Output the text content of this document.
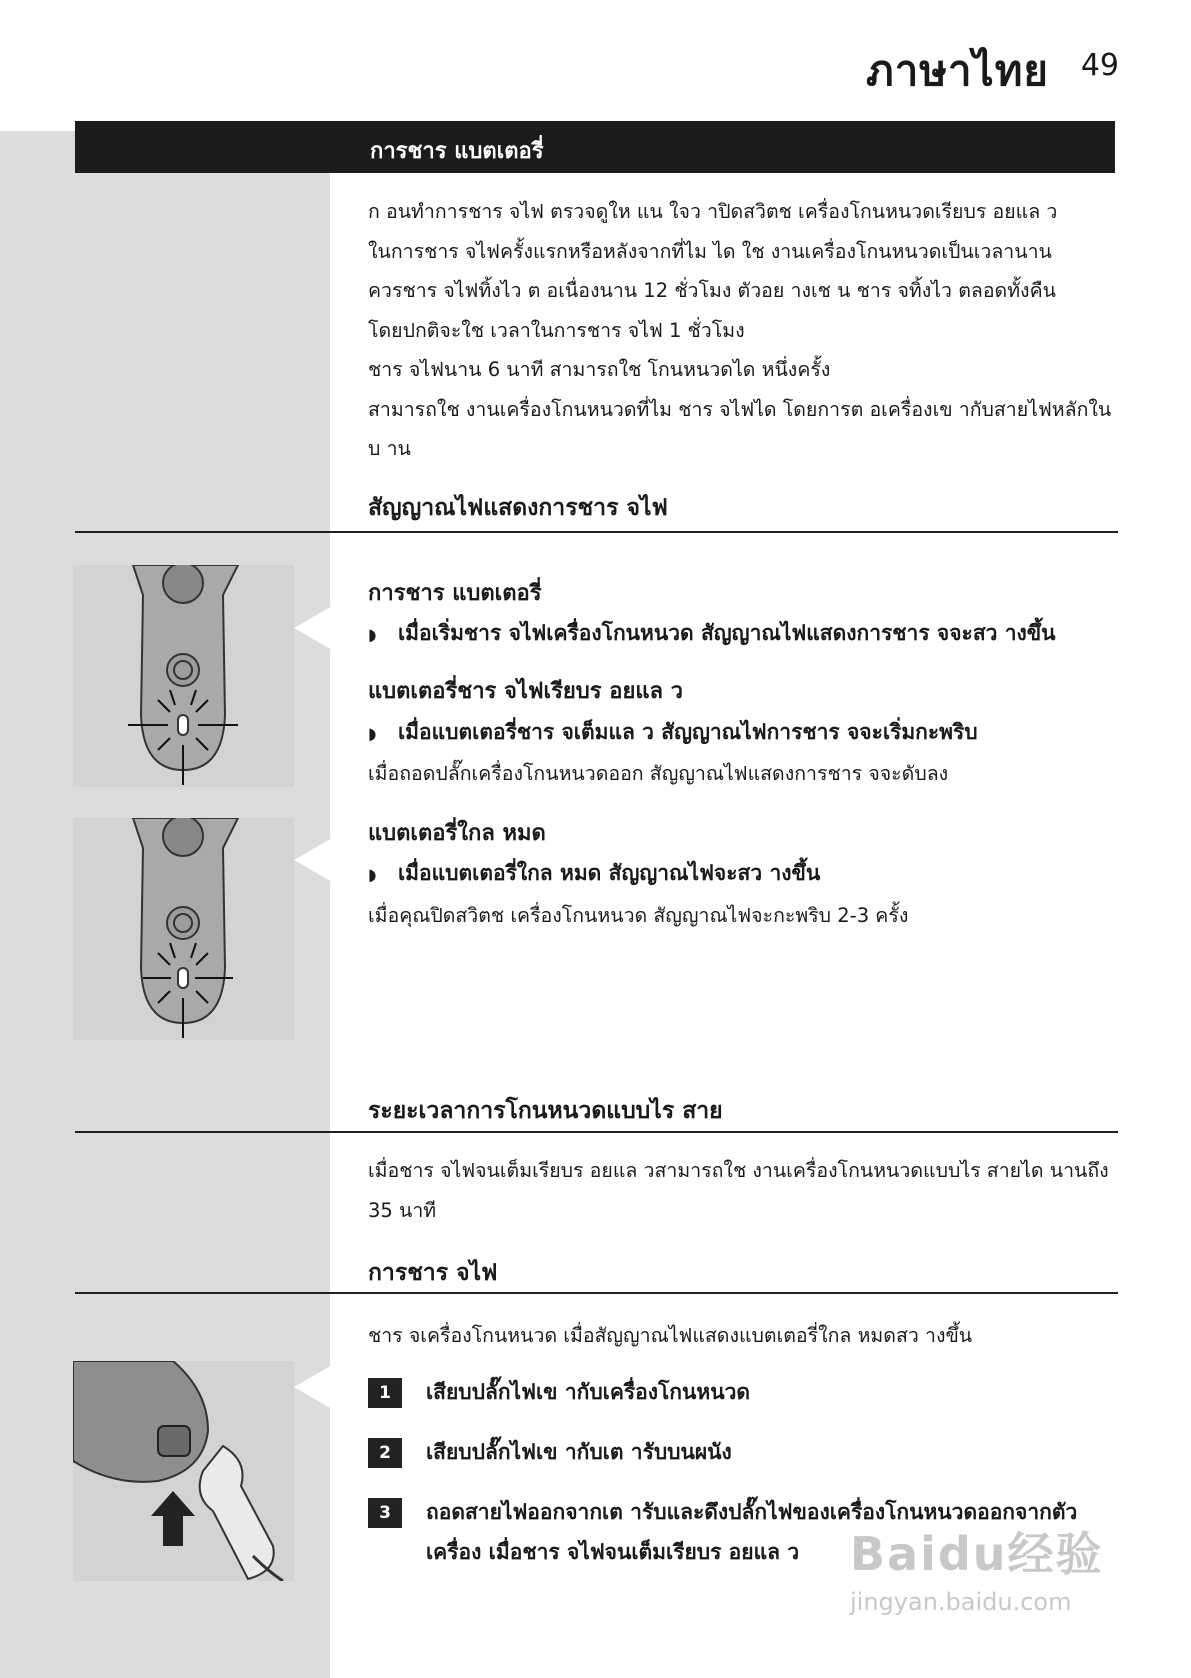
ภาษาไทย 49
การชาร แบตเตอรี่
ก อนทำการชาร จไฟ ตรวจดูให แน ใจว าปิดสวิตช เครื่องโกนหนวดเรียบร อยแล ว
ในการชาร จไฟครั้งแรกหรือหลังจากที่ไม ได ใช งานเครื่องโกนหนวดเป็นเวลานาน
ควรชาร จไฟทิ้งไว ต อเนื่องนาน 12 ชั่วโมง ตัวอย างเช น ชาร จทิ้งไว ตลอดทั้งคืน
โดยปกติจะใช เวลาในการชาร จไฟ 1 ชั่วโมง
ชาร จไฟนาน 6 นาที สามารถใช โกนหนวดได หนึ่งครั้ง
สามารถใช งานเครื่องโกนหนวดที่ไม ชาร จไฟได โดยการต อเครื่องเข ากับสายไฟหลักใน
บ าน
สัญญาณไฟแสดงการชาร จไฟ
การชาร แบตเตอรี่
◗ เมื่อเริ่มชาร จไฟเครื่องโกนหนวด สัญญาณไฟแสดงการชาร จจะสว างขึ้น
แบตเตอรี่ชาร จไฟเรียบร อยแล ว
◗ เมื่อแบตเตอรี่ชาร จเต็มแล ว สัญญาณไฟการชาร จจะเริ่มกะพริบ
เมื่อถอดปลั๊กเครื่องโกนหนวดออก สัญญาณไฟแสดงการชาร จจะดับลง
แบตเตอรี่ใกล หมด
◗ เมื่อแบตเตอรี่ใกล หมด สัญญาณไฟจะสว างขึ้น
เมื่อคุณปิดสวิตช เครื่องโกนหนวด สัญญาณไฟจะกะพริบ 2-3 ครั้ง
ระยะเวลาการโกนหนวดแบบไร สาย
เมื่อชาร จไฟจนเต็มเรียบร อยแล วสามารถใช งานเครื่องโกนหนวดแบบไร สายได นานถึง
35 นาที
การชาร จไฟ
ชาร จเครื่องโกนหนวด เมื่อสัญญาณไฟแสดงแบตเตอรี่ใกล หมดสว างขึ้น
1 เสียบปลั๊กไฟเข ากับเครื่องโกนหนวด
2 เสียบปลั๊กไฟเข ากับเต ารับบนผนัง
3 ถอดสายไฟออกจากเต ารับและดึงปลั๊กไฟของเครื่องโกนหนวดออกจากตัว
เครื่อง เมื่อชาร จไฟจนเต็มเรียบร อยแล ว	Baidu经验
jingyan.baidu.com
